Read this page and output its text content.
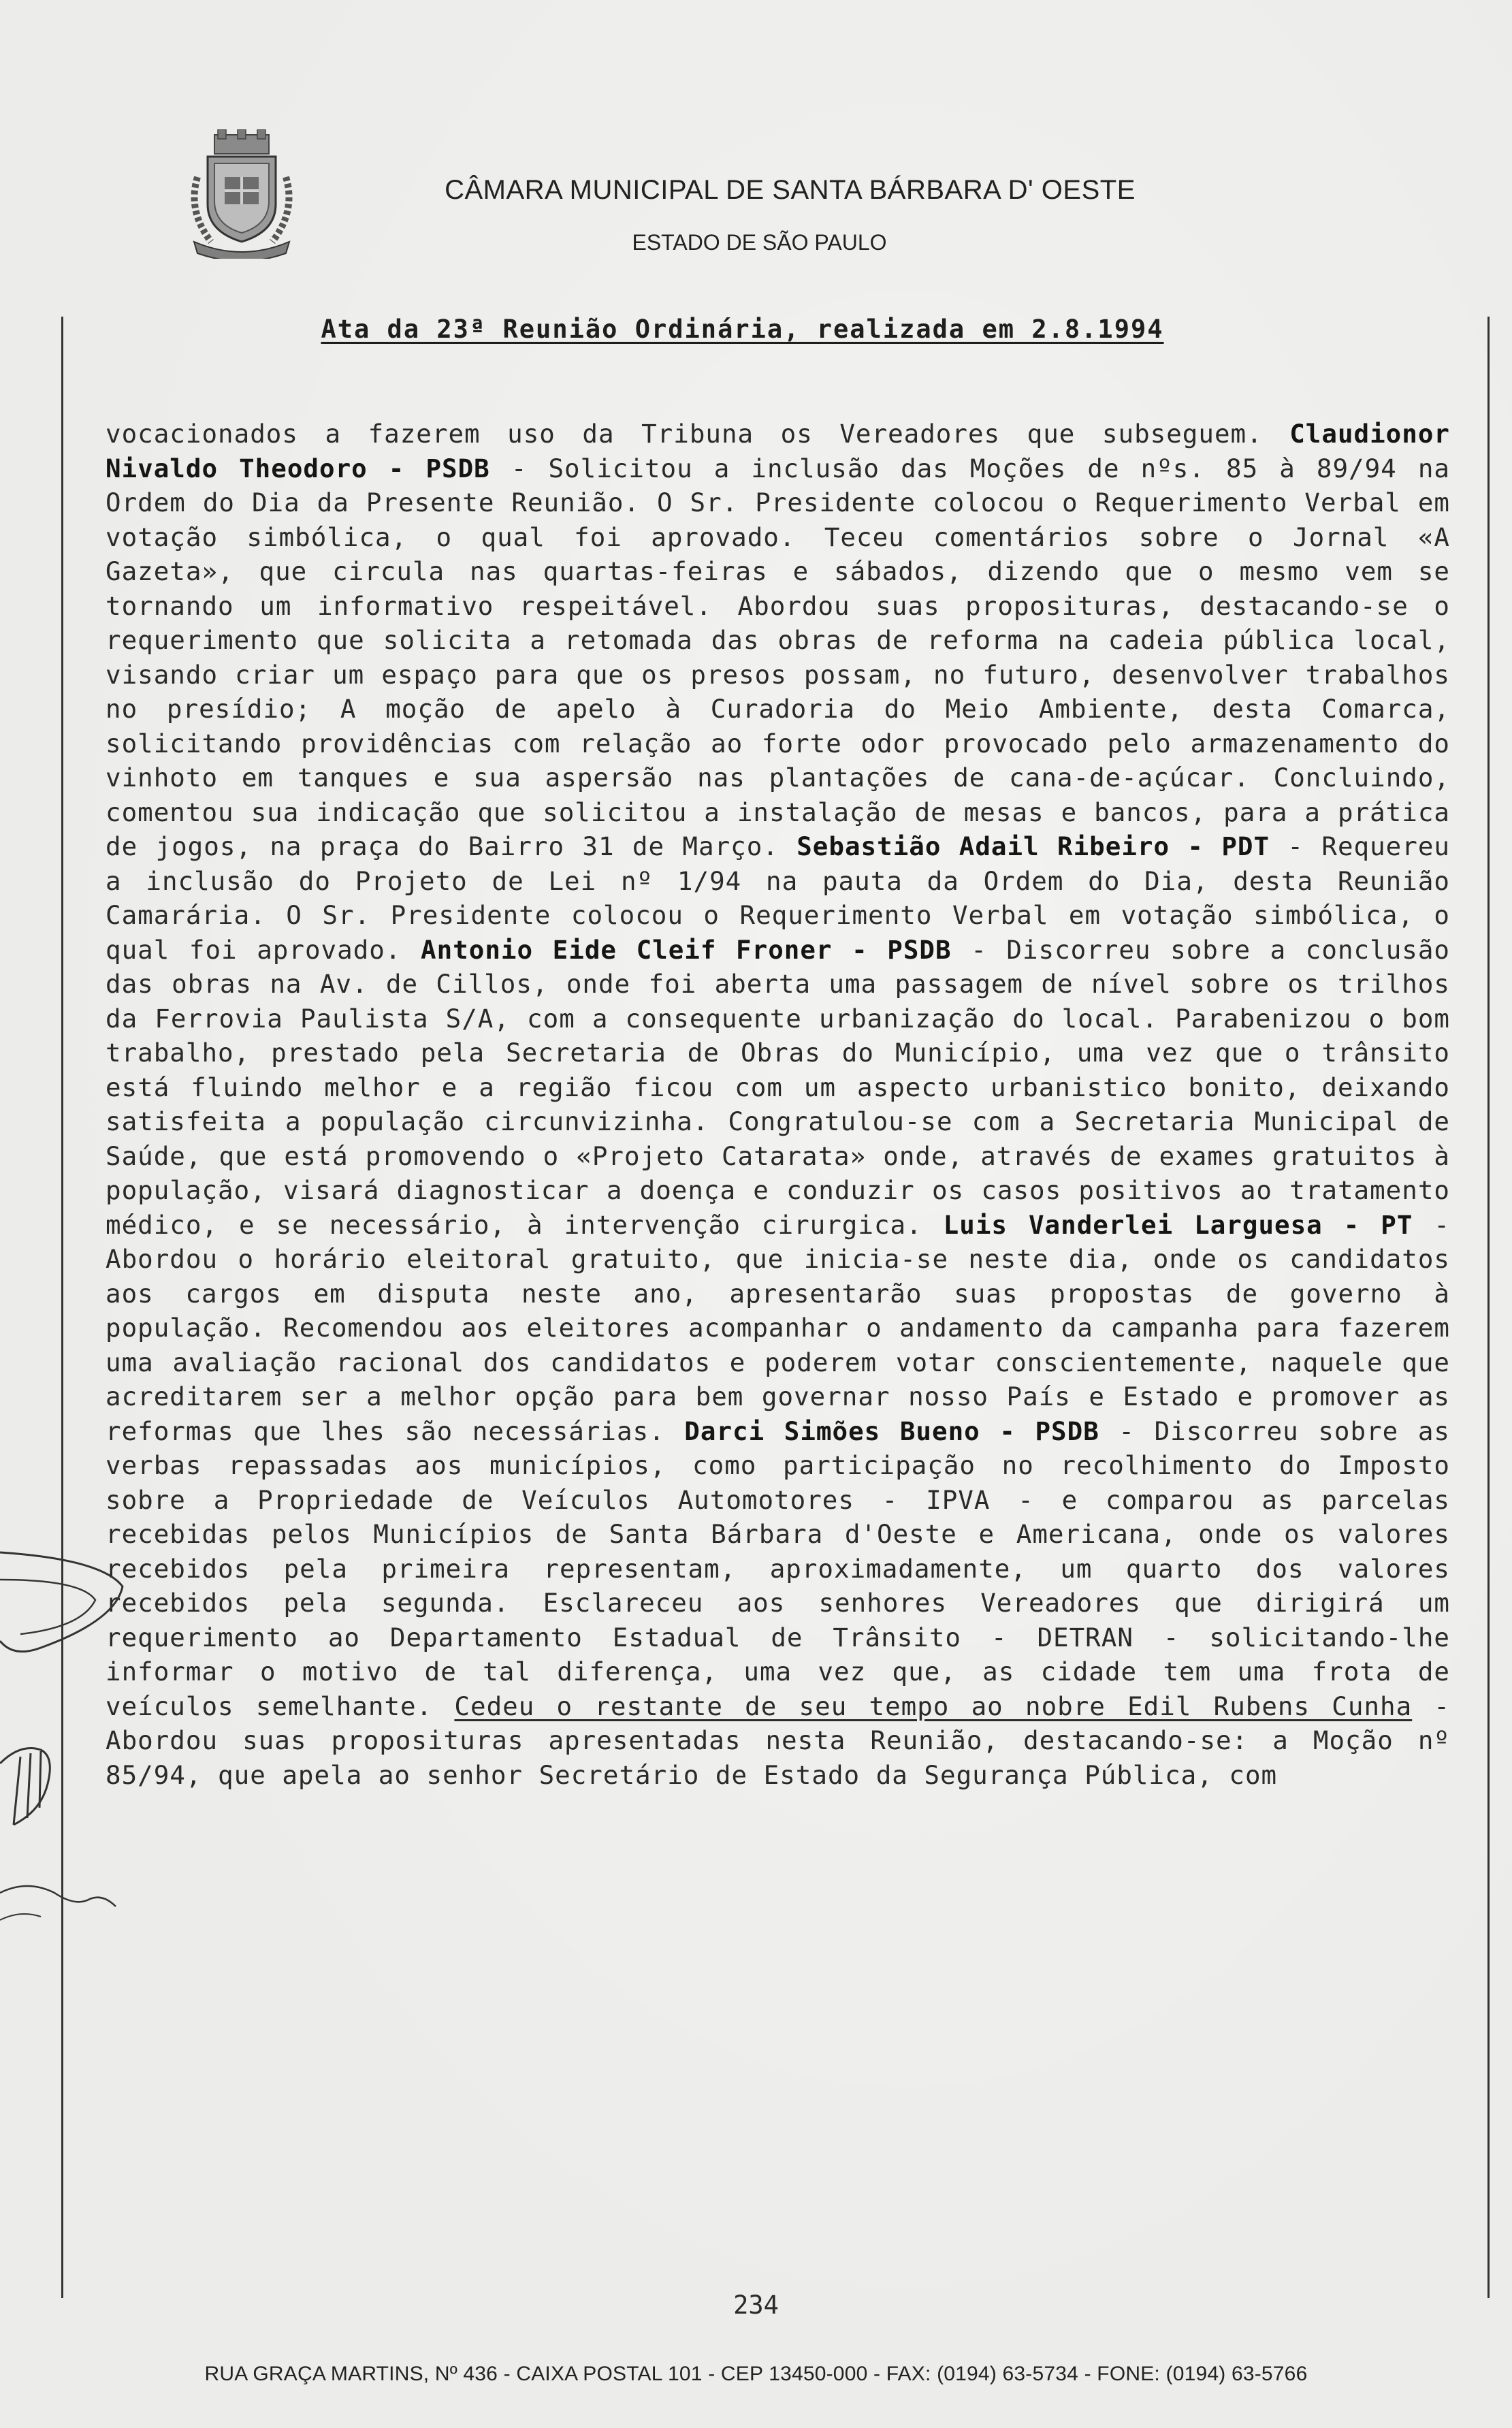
CÂMARA MUNICIPAL DE SANTA BÁRBARA D' OESTE
ESTADO DE SÃO PAULO
Ata da 23ª Reunião Ordinária, realizada em 2.8.1994
vocacionados a fazerem uso da Tribuna os Vereadores que subseguem. Claudionor Nivaldo Theodoro - PSDB - Solicitou a inclusão das Moções de nºs. 85 à 89/94 na Ordem do Dia da Presente Reunião. O Sr. Presidente colocou o Requerimento Verbal em votação simbólica, o qual foi aprovado. Teceu comentários sobre o Jornal «A Gazeta», que circula nas quartas-feiras e sábados, dizendo que o mesmo vem se tornando um informativo respeitável. Abordou suas proposituras, destacando-se o requerimento que solicita a retomada das obras de reforma na cadeia pública local, visando criar um espaço para que os presos possam, no futuro, desenvolver trabalhos no presídio; A moção de apelo à Curadoria do Meio Ambiente, desta Comarca, solicitando providências com relação ao forte odor provocado pelo armazenamento do vinhoto em tanques e sua aspersão nas plantações de cana-de-açúcar. Concluindo, comentou sua indicação que solicitou a instalação de mesas e bancos, para a prática de jogos, na praça do Bairro 31 de Março. Sebastião Adail Ribeiro - PDT - Requereu a inclusão do Projeto de Lei nº 1/94 na pauta da Ordem do Dia, desta Reunião Camarária. O Sr. Presidente colocou o Requerimento Verbal em votação simbólica, o qual foi aprovado. Antonio Eide Cleif Froner - PSDB - Discorreu sobre a conclusão das obras na Av. de Cillos, onde foi aberta uma passagem de nível sobre os trilhos da Ferrovia Paulista S/A, com a consequente urbanização do local. Parabenizou o bom trabalho, prestado pela Secretaria de Obras do Município, uma vez que o trânsito está fluindo melhor e a região ficou com um aspecto urbanistico bonito, deixando satisfeita a população circunvizinha. Congratulou-se com a Secretaria Municipal de Saúde, que está promovendo o «Projeto Catarata» onde, através de exames gratuitos à população, visará diagnosticar a doença e conduzir os casos positivos ao tratamento médico, e se necessário, à intervenção cirurgica. Luis Vanderlei Larguesa - PT - Abordou o horário eleitoral gratuito, que inicia-se neste dia, onde os candidatos aos cargos em disputa neste ano, apresentarão suas propostas de governo à população. Recomendou aos eleitores acompanhar o andamento da campanha para fazerem uma avaliação racional dos candidatos e poderem votar conscientemente, naquele que acreditarem ser a melhor opção para bem governar nosso País e Estado e promover as reformas que lhes são necessárias. Darci Simões Bueno - PSDB - Discorreu sobre as verbas repassadas aos municípios, como participação no recolhimento do Imposto sobre a Propriedade de Veículos Automotores - IPVA - e comparou as parcelas recebidas pelos Municípios de Santa Bárbara d'Oeste e Americana, onde os valores recebidos pela primeira representam, aproximadamente, um quarto dos valores recebidos pela segunda. Esclareceu aos senhores Vereadores que dirigirá um requerimento ao Departamento Estadual de Trânsito - DETRAN - solicitando-lhe informar o motivo de tal diferença, uma vez que, as cidade tem uma frota de veículos semelhante. Cedeu o restante de seu tempo ao nobre Edil Rubens Cunha - Abordou suas proposituras apresentadas nesta Reunião, destacando-se: a Moção nº 85/94, que apela ao senhor Secretário de Estado da Segurança Pública, com
234
RUA GRAÇA MARTINS, Nº 436 - CAIXA POSTAL 101 - CEP 13450-000 - FAX: (0194) 63-5734 - FONE: (0194) 63-5766
